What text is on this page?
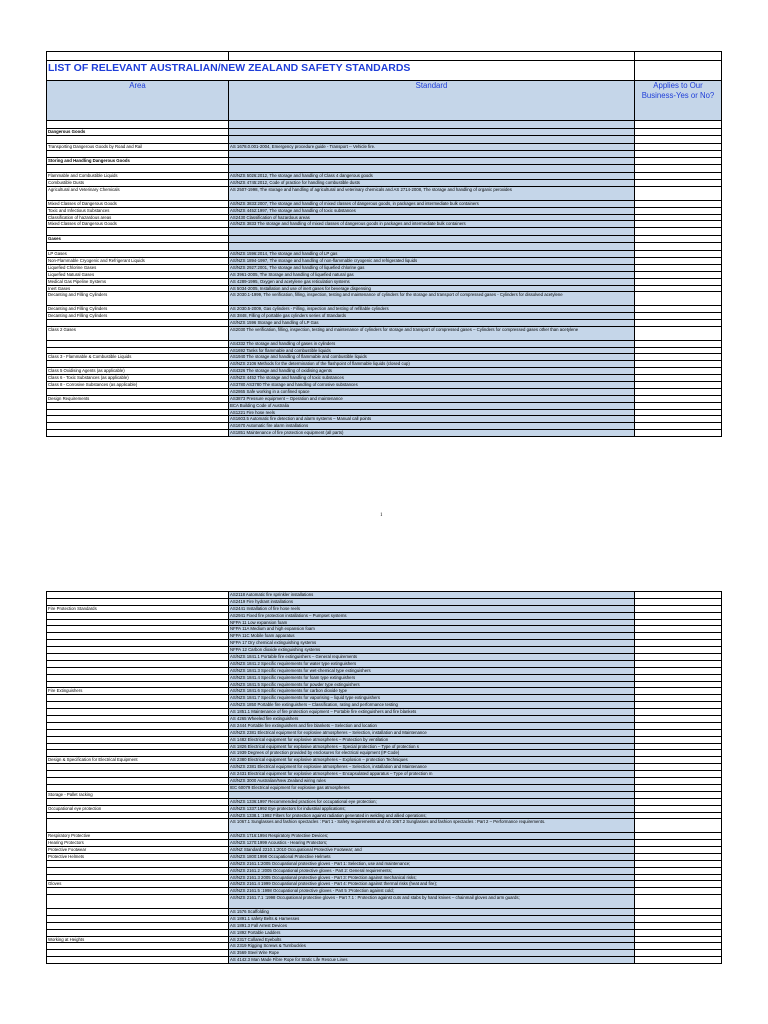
LIST OF RELEVANT AUSTRALIAN/NEW ZEALAND SAFETY STANDARDS		
Area	Standard	Applies to Our Business-Yes or No?

Dangerous Goods		

Transporting Dangerous Goods by Road and Rail	AS 1678.0.001-2004, Emergency procedure guide - Transport -- Vehicle fire.	

Storing and Handling Dangerous Goods		

Flammable and Combustible Liquids	AS/NZS 5026:2012, The storage and handling of Class 4 dangerous goods	
Combustible Dusts	AS/NZS 4745:2012, Code of practice for handling combustible dusts	
Agricultural and Veterinary Chemicals	AS 2507-1998, The storage and handling of agricultural and veterinary chemicals and AS 2714-2008, The storage and handling of organic peroxides	
Mixed Classes of Dangerous Goods	AS/NZS 3833:2007, The storage and handling of mixed classes of dangerous goods, in packages and intermediate bulk containers	
Toxic and Infectious Substances	AS/NZS 4452:1997, The storage and handling of toxic substances	
Classification of hazardous areas	AS2430 Classification of hazardous areas	
Mixed Classes of Dangerous Goods	AS/NZS 3833 The storage and handling of mixed classes of dangerous goods in packages and intermediate bulk containers	

Gases		

LP Gases	AS/NZS 1596:2014, The storage and handling of LP gas	
Non-Flammable Cryogenic and Refrigerant Liquids	AS/NZS 1894-1997, The storage and handling of non-flammable cryogenic and refrigerated liquids	
Liquefied Chlorine Gases	AS/NZS 2927:2001, The storage and handling of liquefied chlorine gas	
Liquefied Natural Gases	AS 3961-2005, The Storage and handling of liquefied natural gas	
Medical Gas Pipeline Systems	AS 4289-1995, Oxygen and acetylene gas reticulation systems	
Inert Gases	AS 5034-2005, Installation and use of inert gases for beverage dispensing	
Decanting and Filling Cylinders	AS 2030.1-1999, The verification, filling, inspection, testing and maintenance of cylinders for the storage and transport of compressed gases - Cylinders for dissolved acetylene	
Decanting and Filling Cylinders	AS 2030.5-2009, Gas cylinders - Filling, inspection and testing of refillable cylinders	
Decanting and Filling Cylinders	AS 3848, Filling of portable gas cylinders series of Standards	
	AS/NZS 1596 Storage and handling of LP Gas	
Class 2 Gases	AS2030 The verification, filling, inspection, testing and maintenance of cylinders for storage and transport of compressed gases – Cylinders for compressed gases other than acetylene	
	AS4332 The storage and handling of gases in cylinders	
	AS1692 Tanks for flammable and combustible liquids	
Class 3 - Flammable & Combustible Liquids	AS1940 The storage and handling of flammable and combustible liquids	
	AS/NZS 2106 Methods for the determination of the flashpoint of flammable liquids (closed cup)	
Class 5 Oxidising Agents (as applicable)	AS4326 The storage and handling of oxidising agents	
Class 6 - Toxic Substances (as applicable)	AS/NZS 4452 The storage and handling of toxic substances	
Class 8 - Corrosive Substances (as applicable)	AS3780 AS3780 The storage and handling of corrosive substances	
	AS2865 Safe working in a confined space	
Design Requirements	AS3873 Pressure equipment – Operation and maintenance	
	BCA Building Code of Australia	
	AS1221 Fire hose reels	
	AS1603.5 Automatic fire detection and alarm systems – Manual call points	
	AS1670 Automatic fire alarm installations	
	AS1851 Maintenance of fire protection equipment (all parts)	
1
	AS2118 Automatic fire sprinkler installations	
	AS2419 Fire hydrant installations	
Fire Protection Standards	AS2441 Installation of fire hose reels	
	AS2941 Fixed fire protection installations – Pumpset systems	
	NFPA 11 Low expansion foam	
	NFPA 11A Medium and high expansion foam	
	NFPA 11C Mobile foam apparatus	
	NFPA 17 Dry chemical extinguishing systems	
	NFPA 12 Carbon dioxide extinguishing systems	
	AS/NZS 1841.1 Portable fire extinguishers – General requirements	
	AS/NZS 1841.2 Specific requirements for water type extinguishers	
	AS/NZS 1841.3 Specific requirements for wet-chemical type extinguishers	
	AS/NZS 1841.4 Specific requirements for foam type extinguishers	
	AS/NZS 1841.5 Specific requirements for powder type extinguishers	
Fire Extinguishers	AS/NZS 1841.6 Specific requirements for carbon dioxide type	
	AS/NZS 1841.7 Specific requirements for vaporising – liquid type extinguishers	
	AS/NZS 1850 Portable fire extinguishers – Classification, rating and performance testing	
	AS 1851.1 Maintenance of fire protection equipment – Portable fire extinguishers and fire blankets	
	AS 4265 Wheeled fire extinguishers	
	AS 2444 Portable fire extinguishers and fire blankets – Selection and location	
	AS/NZS 2381 Electrical equipment for explosive atmospheres – Selection, installation and Maintenance	
	AS 1482 Electrical equipment for explosive atmospheres – Protection by ventilation	
	AS 1826 Electrical equipment for explosive atmospheres – Special protection – Type of protection s	
	AS 1939 Degrees of protection provided by enclosures for electrical equipment (IP Code)	
Design & Specification for Electrical Equipment	AS 2380 Electrical equipment for explosive atmospheres – Explosion – protection Techniques	
	AS/NZS 2381 Electrical equipment for explosive atmospheres – Selection, installation and Maintenance	
	AS 2431 Electrical equipment for explosive atmospheres – Encapsulated apparatus – Type of protection m	
	AS/NZS 3000 Australian/New Zealand wiring rules	
	IEC 60079 Electrical equipment for explosive gas atmospheres	
Storage - Pallet racking		
	AS/NZS 1336:1997 Recommended practices for occupational eye protection;	
Occupational eye protection	AS/NZS 1337:1992 Eye protectors for industrial applications;	
	AS/NZS 1338.1 :1992 Filters for protection against radiation generated in welding and allied operations;	
	AS 1067.1 Sunglasses and fashion spectacles : Part 1 - Safety requirements and AS 1067.2 Sunglasses and fashion spectacles : Part 2 – Performance requirements.	
Respiratory Protective	AS/NZS 1716:1994 Respiratory Protective Devices;	
Hearing Protectors	AS/NZS 1270:1999 Acoustics - Hearing Protectors;	
Protective Footwear	AS/NZ Standard 2210.1:2010 Occupational Protective Footwear; and	
Protective Helmets	AS/NZS 1800:1998 Occupational Protective Helmets	
	AS/NZS 2161.1:2005 Occupational protective gloves - Part 1: Selection, use and maintenance;	
	AS/NZS 2161.2 :2005 Occupational protective gloves - Part 2: General requirements;	
	AS/NZS 2161.3 2005 Occupational protective gloves - Part 3: Protection against mechanical risks;	
Gloves	AS/NZS 2161.4 1999 Occupational protective gloves - Part 4: Protection against thermal risks (heat and fire);	
	AS/NZS 2161.5 :1998 Occupational protective gloves - Part 5 :Protection against cold;	
	AS/NZS 2161.7.1 :1998 Occupational protective gloves - Part 7.1 : Protection against cuts and stabs by hand knives – chainmail gloves and arm guards;	
	AS 1576 Scaffolding	
	AS 1891.1 safety Belts & Harnesses	
	AS 1891.3 Fall Arrest Devices	
	AS 1892 Portable Ladders	
Working at Heights	AS 2317 Collared Eyebolts	
	AS 2319 Rigging Screws & Turnbuckles	
	AS 3569 Steel Wire Rope	
	AS 4142.3 Man Made Fibre Rope for Static Life Rescue Lines	
